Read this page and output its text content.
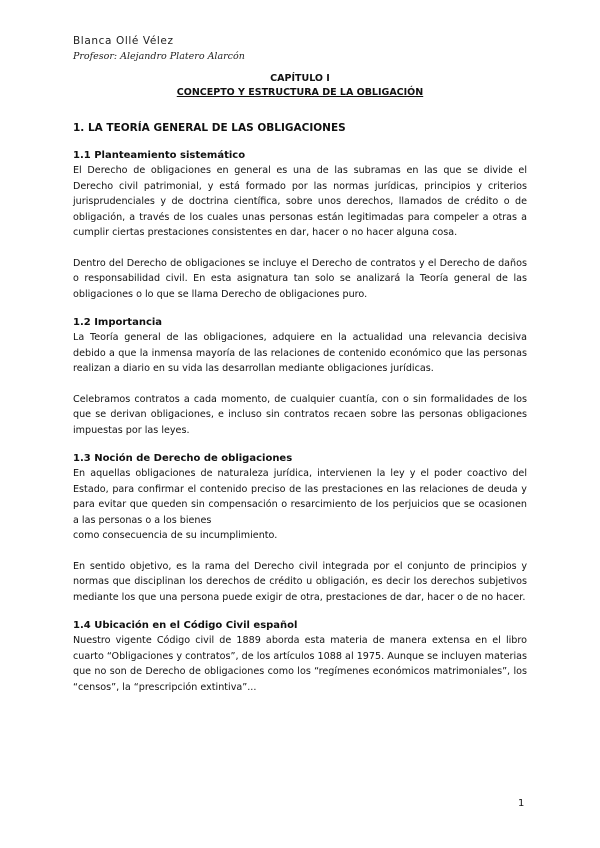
Blanca Ollé Vélez
Profesor: Alejandro Platero Alarcón
CAPÍTULO I
CONCEPTO Y ESTRUCTURA DE LA OBLIGACIÓN
1. LA TEORÍA GENERAL DE LAS OBLIGACIONES
1.1 Planteamiento sistemático

El Derecho de obligaciones en general es una de las subramas en las que se divide el Derecho civil patrimonial, y está formado por las normas jurídicas, principios y criterios jurisprudenciales y de doctrina científica, sobre unos derechos, llamados de crédito o de obligación, a través de los cuales unas personas están legitimadas para compeler a otras a cumplir ciertas prestaciones consistentes en dar, hacer o no hacer alguna cosa.

Dentro del Derecho de obligaciones se incluye el Derecho de contratos y el Derecho de daños o responsabilidad civil. En esta asignatura tan solo se analizará la Teoría general de las obligaciones o lo que se llama Derecho de obligaciones puro.

1.2 Importancia

La Teoría general de las obligaciones, adquiere en la actualidad una relevancia decisiva debido a que la inmensa mayoría de las relaciones de contenido económico que las personas realizan a diario en su vida las desarrollan mediante obligaciones jurídicas.

Celebramos contratos a cada momento, de cualquier cuantía, con o sin formalidades de los que se derivan obligaciones, e incluso sin contratos recaen sobre las personas obligaciones impuestas por las leyes.

1.3 Noción de Derecho de obligaciones

En aquellas obligaciones de naturaleza jurídica, intervienen la ley y el poder coactivo del Estado, para confirmar el contenido preciso de las prestaciones en las relaciones de deuda y para evitar que queden sin compensación o resarcimiento de los perjuicios que se ocasionen a las personas o a los bienes

como consecuencia de su incumplimiento.

En sentido objetivo, es la rama del Derecho civil integrada por el conjunto de principios y normas que disciplinan los derechos de crédito u obligación, es decir los derechos subjetivos mediante los que una persona puede exigir de otra, prestaciones de dar, hacer o de no hacer.

1.4 Ubicación en el Código Civil español

Nuestro vigente Código civil de 1889 aborda esta materia de manera extensa en el libro cuarto “Obligaciones y contratos”, de los artículos 1088 al 1975. Aunque se incluyen materias que no son de Derecho de obligaciones como los “regímenes económicos matrimoniales”, los “censos”, la “prescripción extintiva”...

1
